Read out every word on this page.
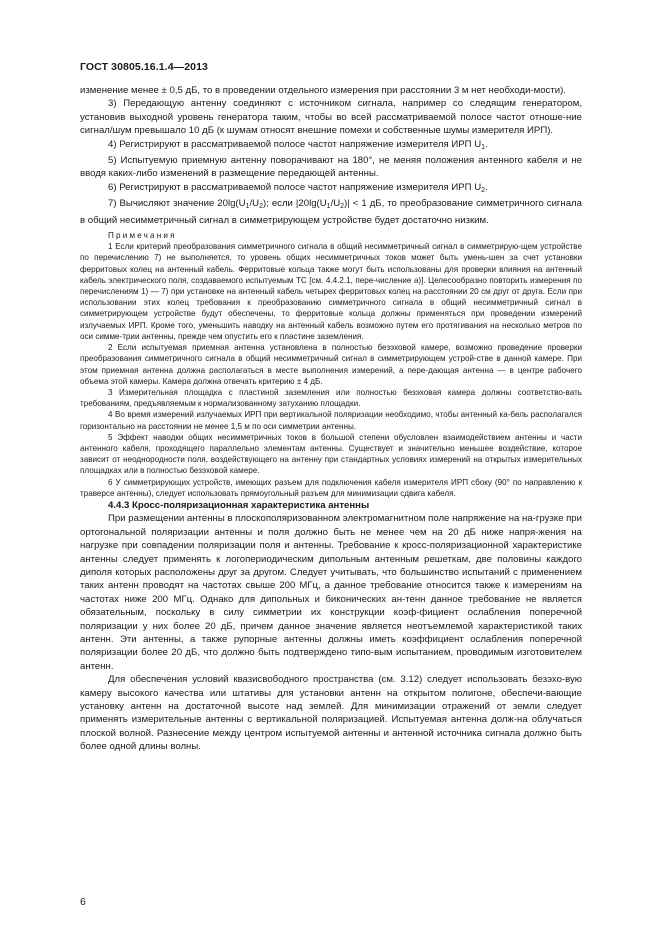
ГОСТ 30805.16.1.4—2013

изменение менее ± 0,5 дБ, то в проведении отдельного измерения при расстоянии 3 м нет необходи-мости).

3) Передающую антенну соединяют с источником сигнала, например со следящим генератором, установив выходной уровень генератора таким, чтобы во всей рассматриваемой полосе частот отноше-ние сигнал/шум превышало 10 дБ (к шумам относят внешние помехи и собственные шумы измерителя ИРП).

4) Регистрируют в рассматриваемой полосе частот напряжение измерителя ИРП $U_1$.

5) Испытуемую приемную антенну поворачивают на 180°, не меняя положения антенного кабеля и не вводя каких-либо изменений в размещение передающей антенны.

6) Регистрируют в рассматриваемой полосе частот напряжение измерителя ИРП $U_2$.

7) Вычисляют значение $20\lg(U_1/U_2)$; если $|20\lg(U_1/U_2)| < 1$ дБ, то преобразование симметричного сигнала в общий несимметричный сигнал в симметрирующем устройстве будет достаточно низким.

Примечания

1 Если критерий преобразования симметричного сигнала в общий несимметричный сигнал в симметрирую-щем устройстве по перечислению 7) не выполняется, то уровень общих несимметричных токов может быть умень-шен за счет установки ферритовых колец на антенный кабель. Ферритовые кольца также могут быть использованы для проверки влияния на антенный кабель электрического поля, создаваемого испытуемым ТС [см. 4.4.2.1, пере-числение a)]. Целесообразно повторить измерения по перечислениям 1) — 7) при установке на антенный кабель четырех ферритовых колец на расстоянии 20 см друг от друга. Если при использовании этих колец требования к преобразованию симметричного сигнала в общий несимметричный сигнал в симметрирующем устройстве будут обеспечены, то ферритовые кольца должны применяться при проведении измерений излучаемых ИРП. Кроме того, уменьшить наводку на антенный кабель возможно путем его протягивания на несколько метров по оси симме-трии антенны, прежде чем опустить его к пластине заземления.

2 Если испытуемая приемная антенна установлена в полностью безэховой камере, возможно проведение проверки преобразования симметричного сигнала в общий несимметричный сигнал в симметрирующем устрой-стве в данной камере. При этом приемная антенна должна располагаться в месте выполнения измерений, а пере-дающая антенна — в центре рабочего объема этой камеры. Камера должна отвечать критерию ± 4 дБ.

3 Измерительная площадка с пластиной заземления или полностью безэховая камера должны соответство-вать требованиям, предъявляемым к нормализованному затуханию площадки.

4 Во время измерений излучаемых ИРП при вертикальной поляризации необходимо, чтобы антенный ка-бель располагался горизонтально на расстоянии не менее 1,5 м по оси симметрии антенны.

5 Эффект наводки общих несимметричных токов в большой степени обусловлен взаимодействием антенны и части антенного кабеля, проходящего параллельно элементам антенны. Существует и значительно меньшее воздействие, которое зависит от неоднородности поля, воздействующего на антенну при стандартных условиях измерений на открытых измерительных площадках или в полностью безэховой камере.

6 У симметрирующих устройств, имеющих разъем для подключения кабеля измерителя ИРП сбоку (90° по направлению к траверсе антенны), следует использовать прямоугольный разъем для минимизации сдвига кабеля.

4.4.3 Кросс-поляризационная характеристика антенны

При размещении антенны в плоскополяризованном электромагнитном поле напряжение на на-грузке при ортогональной поляризации антенны и поля должно быть не менее чем на 20 дБ ниже напря-жения на нагрузке при совпадении поляризации поля и антенны. Требование к кросс-поляризационной характеристике антенны следует применять к логопериодическим дипольным антенным решеткам, две половины каждого диполя которых расположены друг за другом. Следует учитывать, что большинство испытаний с применением таких антенн проводят на частотах свыше 200 МГц, а данное требование относится также к измерениям на частотах ниже 200 МГц. Однако для дипольных и биконических ан-тенн данное требование не является обязательным, поскольку в силу симметрии их конструкции коэф-фициент ослабления поперечной поляризации у них более 20 дБ, причем данное значение является неотъемлемой характеристикой таких антенн. Эти антенны, а также рупорные антенны должны иметь коэффициент ослабления поперечной поляризации более 20 дБ, что должно быть подтверждено типо-вым испытанием, проводимым изготовителем антенн.

Для обеспечения условий квазисвободного пространства (см. 3.12) следует использовать безэхо-вую камеру высокого качества или штативы для установки антенн на открытом полигоне, обеспечи-вающие установку антенн на достаточной высоте над землей. Для минимизации отражений от земли следует применять измерительные антенны с вертикальной поляризацией. Испытуемая антенна долж-на облучаться плоской волной. Разнесение между центром испытуемой антенны и антенной источника сигнала должно быть более одной длины волны.

6
